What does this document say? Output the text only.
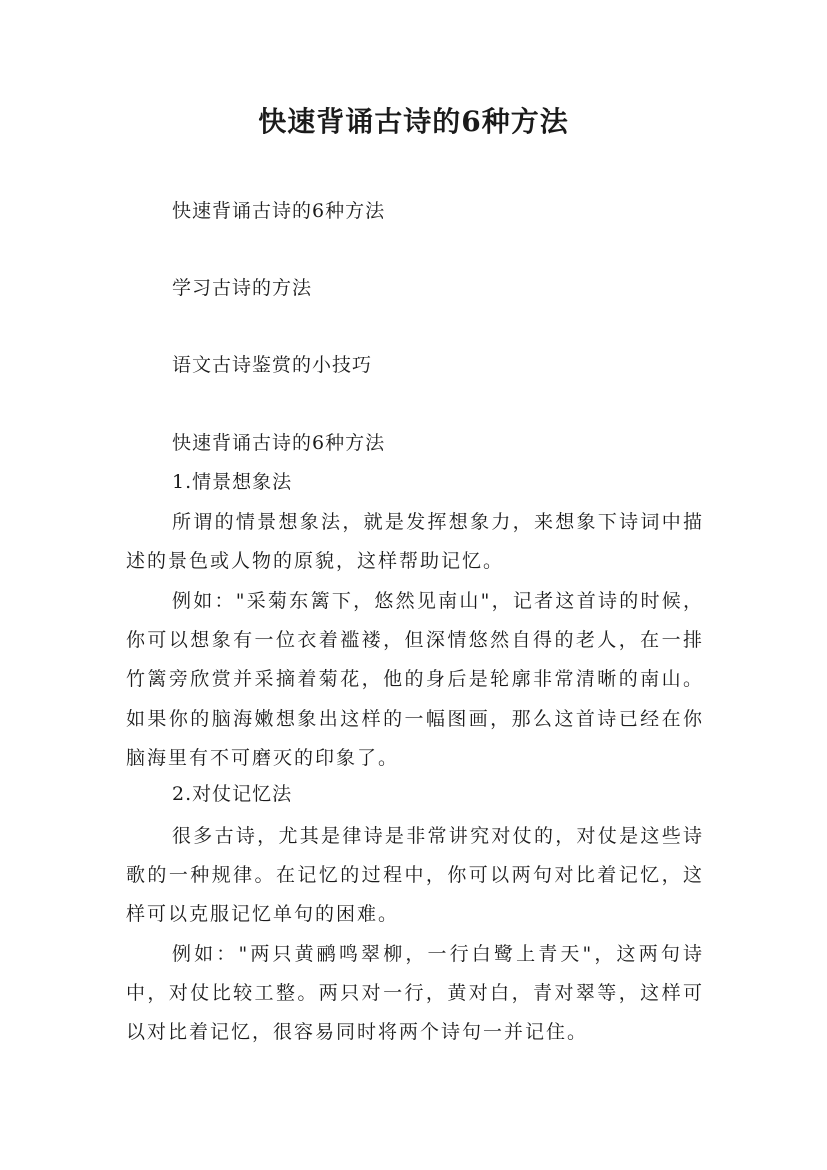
快速背诵古诗的6种方法
快速背诵古诗的6种方法
学习古诗的方法
语文古诗鉴赏的小技巧
快速背诵古诗的6种方法
1.情景想象法
所谓的情景想象法，就是发挥想象力，来想象下诗词中描述的景色或人物的原貌，这样帮助记忆。
例如："采菊东篱下，悠然见南山"，记者这首诗的时候，你可以想象有一位衣着褴褛，但深情悠然自得的老人，在一排竹篱旁欣赏并采摘着菊花，他的身后是轮廓非常清晰的南山。如果你的脑海嫩想象出这样的一幅图画，那么这首诗已经在你脑海里有不可磨灭的印象了。
2.对仗记忆法
很多古诗，尤其是律诗是非常讲究对仗的，对仗是这些诗歌的一种规律。在记忆的过程中，你可以两句对比着记忆，这样可以克服记忆单句的困难。
例如："两只黄鹂鸣翠柳，一行白鹭上青天"，这两句诗中，对仗比较工整。两只对一行，黄对白，青对翠等，这样可以对比着记忆，很容易同时将两个诗句一并记住。
